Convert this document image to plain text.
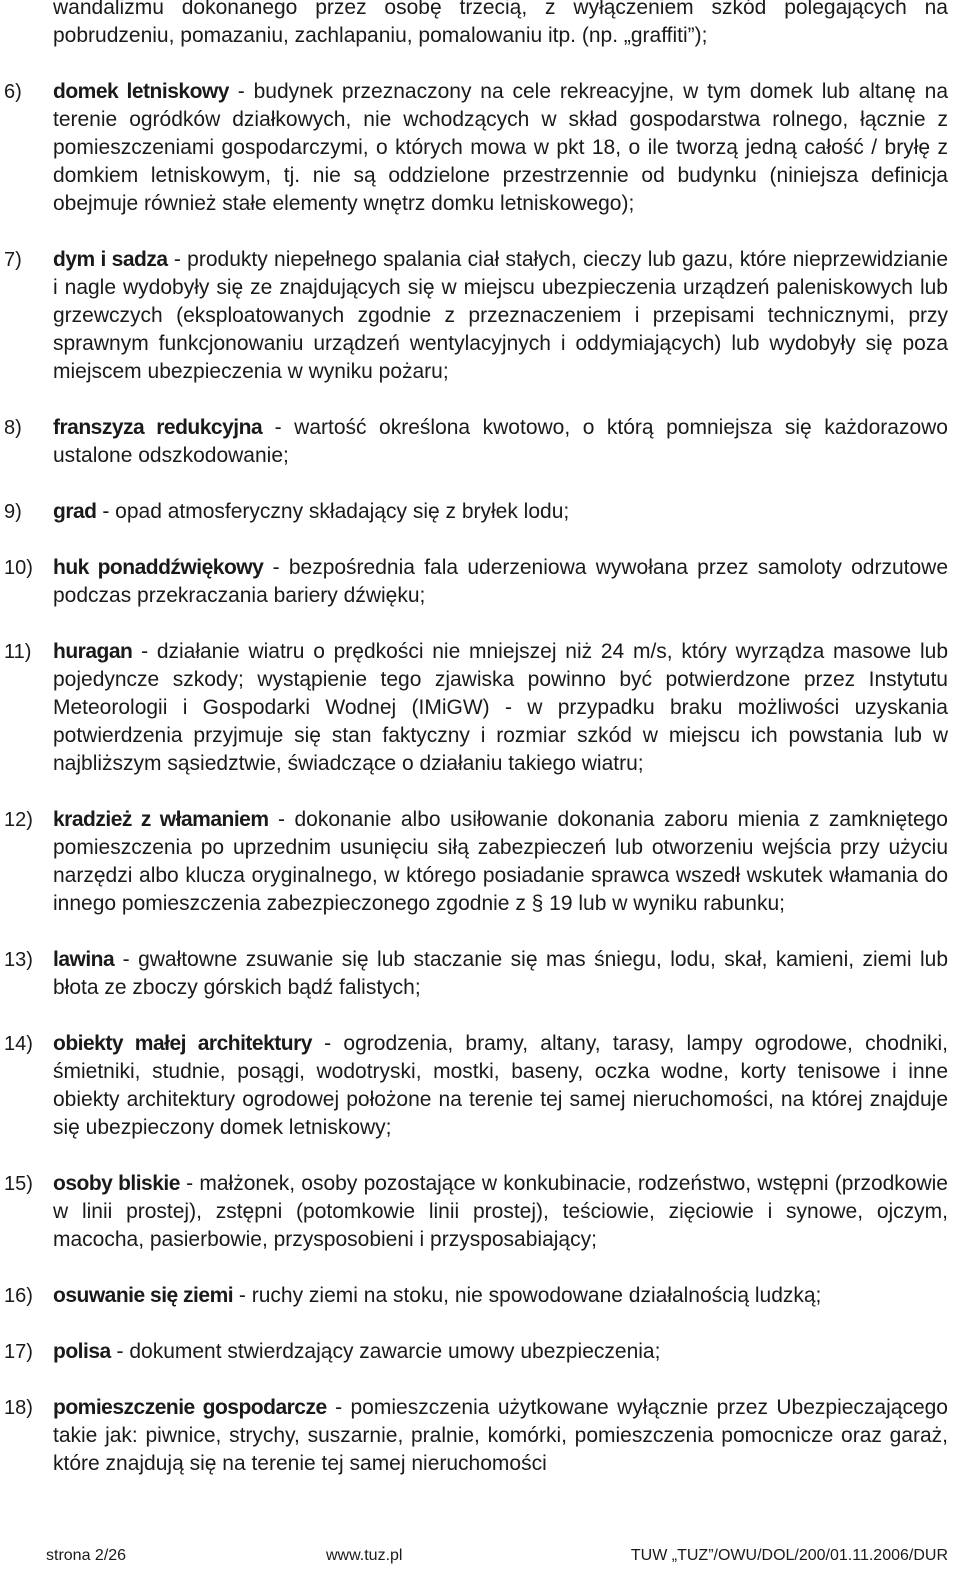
wandalizmu dokonanego przez osobę trzecią, z wyłączeniem szkód polegających na pobrudzeniu, pomazaniu, zachlapaniu, pomalowaniu itp. (np. „graffiti”);

6) domek letniskowy - budynek przeznaczony na cele rekreacyjne, w tym domek lub altanę na terenie ogródków działkowych, nie wchodzących w skład gospodarstwa rolnego, łącznie z pomieszczeniami gospodarczymi, o których mowa w pkt 18, o ile tworzą jedną całość / bryłę z domkiem letniskowym, tj. nie są oddzielone przestrzennie od budynku (niniejsza definicja obejmuje również stałe elementy wnętrz domku letniskowego);

7) dym i sadza - produkty niepełnego spalania ciał stałych, cieczy lub gazu, które nieprzewidzianie i nagle wydobyły się ze znajdujących się w miejscu ubezpieczenia urządzeń paleniskowych lub grzewczych (eksploatowanych zgodnie z przeznaczeniem i przepisami technicznymi, przy sprawnym funkcjonowaniu urządzeń wentylacyjnych i oddymiających) lub wydobyły się poza miejscem ubezpieczenia w wyniku pożaru;

8) franszyza redukcyjna - wartość określona kwotowo, o którą pomniejsza się każdorazowo ustalone odszkodowanie;

9) grad - opad atmosferyczny składający się z bryłek lodu;

10) huk ponaddźwiękowy - bezpośrednia fala uderzeniowa wywołana przez samoloty odrzutowe podczas przekraczania bariery dźwięku;

11) huragan - działanie wiatru o prędkości nie mniejszej niż 24 m/s, który wyrządza masowe lub pojedyncze szkody; wystąpienie tego zjawiska powinno być potwierdzone przez Instytutu Meteorologii i Gospodarki Wodnej (IMiGW) - w przypadku braku możliwości uzyskania potwierdzenia przyjmuje się stan faktyczny i rozmiar szkód w miejscu ich powstania lub w najbliższym sąsiedztwie, świadczące o działaniu takiego wiatru;

12) kradzież z włamaniem - dokonanie albo usiłowanie dokonania zaboru mienia z zamkniętego pomieszczenia po uprzednim usunięciu siłą zabezpieczeń lub otworzeniu wejścia przy użyciu narzędzi albo klucza oryginalnego, w którego posiadanie sprawca wszedł wskutek włamania do innego pomieszczenia zabezpieczonego zgodnie z § 19 lub w wyniku rabunku;

13) lawina - gwałtowne zsuwanie się lub staczanie się mas śniegu, lodu, skał, kamieni, ziemi lub błota ze zboczy górskich bądź falistych;

14) obiekty małej architektury - ogrodzenia, bramy, altany, tarasy, lampy ogrodowe, chodniki, śmietniki, studnie, posągi, wodotryski, mostki, baseny, oczka wodne, korty tenisowe i inne obiekty architektury ogrodowej położone na terenie tej samej nieruchomości, na której znajduje się ubezpieczony domek letniskowy;

15) osoby bliskie - małżonek, osoby pozostające w konkubinacie, rodzeństwo, wstępni (przodkowie w linii prostej), zstępni (potomkowie linii prostej), teściowie, zięciowie i synowe, ojczym, macocha, pasierbowie, przysposobieni i przysposabiający;

16) osuwanie się ziemi - ruchy ziemi na stoku, nie spowodowane działalnością ludzką;

17) polisa - dokument stwierdzający zawarcie umowy ubezpieczenia;

18) pomieszczenie gospodarcze - pomieszczenia użytkowane wyłącznie przez Ubezpieczającego takie jak: piwnice, strychy, suszarnie, pralnie, komórki, pomieszczenia pomocnicze oraz garaż, które znajdują się na terenie tej samej nieruchomości

strona 2/26	www.tuz.pl	TUW „TUZ”/OWU/DOL/200/01.11.2006/DUR
